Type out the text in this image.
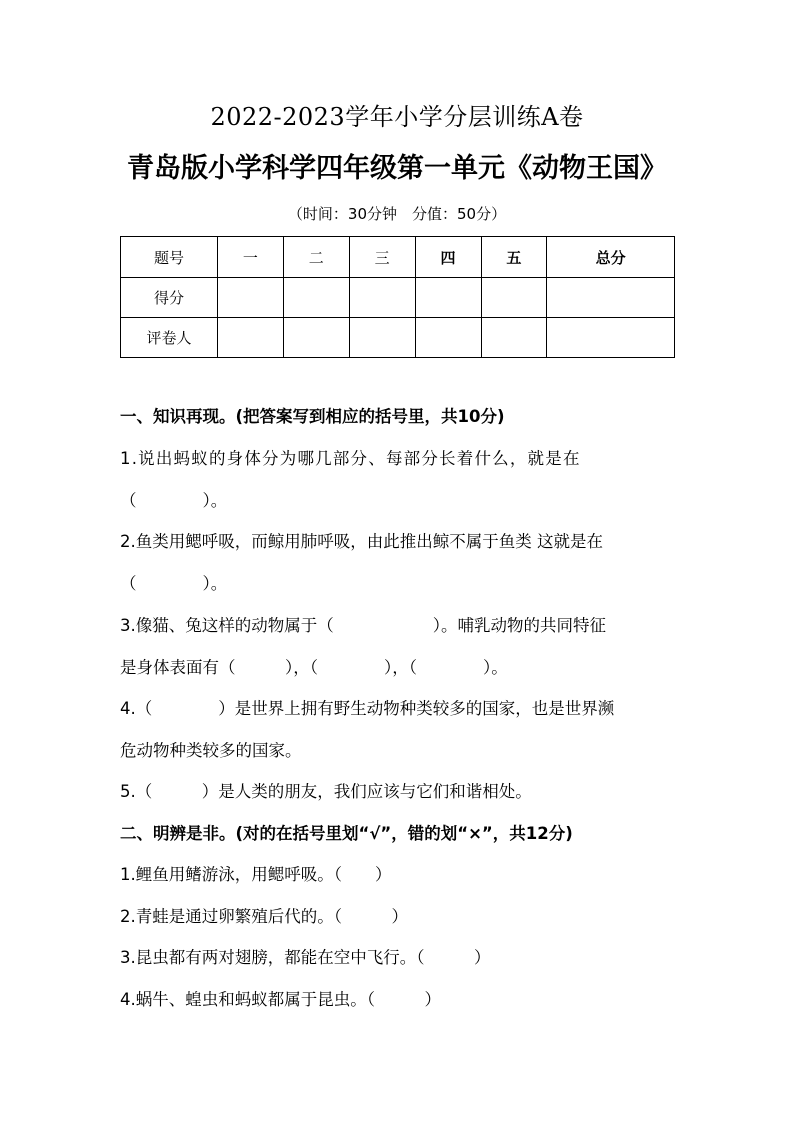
2022-2023学年小学分层训练A卷
青岛版小学科学四年级第一单元《动物王国》
（时间：30分钟　分值：50分）
题号	一	二	三	四	五	总分
得分						
评卷人						
一、知识再现。(把答案写到相应的括号里，共10分)
1.说出蚂蚁的身体分为哪几部分、每部分长着什么，就是在
（　　　　）。
2.鱼类用鳃呼吸，而鲸用肺呼吸，由此推出鲸不属于鱼类 这就是在
（　　　　）。
3.像猫、兔这样的动物属于（　　　　　　）。哺乳动物的共同特征
是身体表面有（　　　），（　　　　），（　　　　）。
4.（　　　　）是世界上拥有野生动物种类较多的国家，也是世界濒
危动物种类较多的国家。
5.（　　　）是人类的朋友，我们应该与它们和谐相处。
二、明辨是非。(对的在括号里划“√”，错的划“×”，共12分)
1.鲤鱼用鳍游泳，用鳃呼吸。（　　）
2.青蛙是通过卵繁殖后代的。（　　　）
3.昆虫都有两对翅膀，都能在空中飞行。（　　　）
4.蜗牛、蝗虫和蚂蚁都属于昆虫。（　　　）
